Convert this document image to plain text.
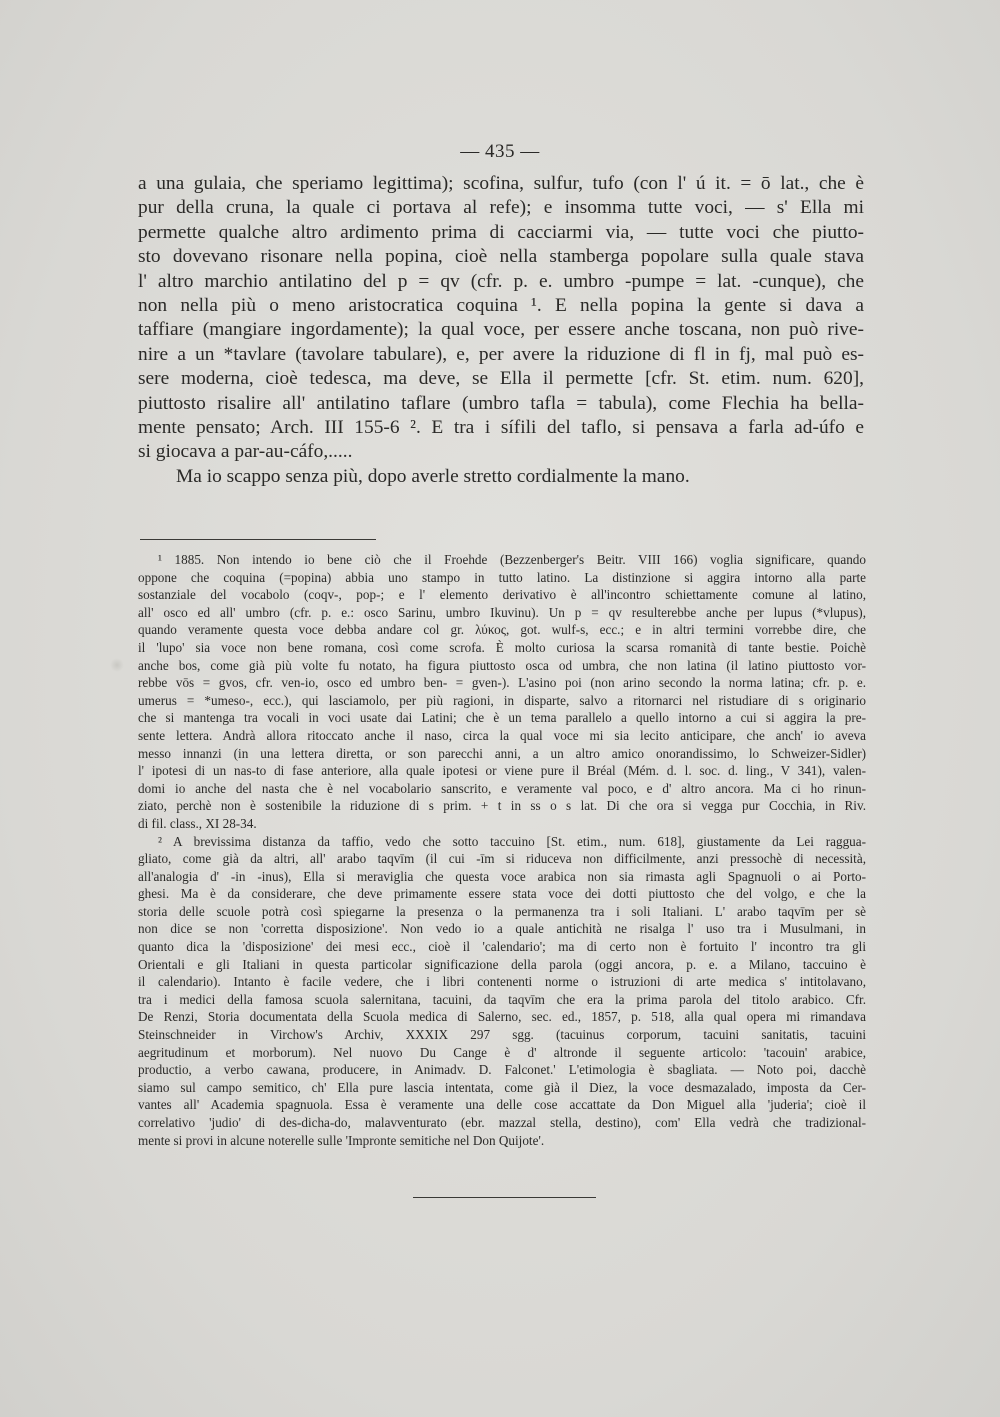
— 435 —
a una gulaia, che speriamo legittima); scofina, sulfur, tufo (con l' ú it. = ō lat., che è
pur della cruna, la quale ci portava al refe); e insomma tutte voci, — s' Ella mi
permette qualche altro ardimento prima di cacciarmi via, — tutte voci che piutto-
sto dovevano risonare nella popina, cioè nella stamberga popolare sulla quale stava
l' altro marchio antilatino del p = qv (cfr. p. e. umbro -pumpe = lat. -cunque), che
non nella più o meno aristocratica coquina ¹. E nella popina la gente si dava a
taffiare (mangiare ingordamente); la qual voce, per essere anche toscana, non può rive-
nire a un *tavlare (tavolare tabulare), e, per avere la riduzione di fl in fj, mal può es-
sere moderna, cioè tedesca, ma deve, se Ella il permette [cfr. St. etim. num. 620],
piuttosto risalire all' antilatino taflare (umbro tafla = tabula), come Flechia ha bella-
mente pensato; Arch. III 155-6 ². E tra i sífili del taflo, si pensava a farla ad-úfo e
si giocava a par-au-cáfo,.....
Ma io scappo senza più, dopo averle stretto cordialmente la mano.
¹ 1885. Non intendo io bene ciò che il Froehde (Bezzenberger's Beitr. VIII 166) voglia significare, quando
oppone che coquina (=popina) abbia uno stampo in tutto latino. La distinzione si aggira intorno alla parte
sostanziale del vocabolo (coqv-, pop-; e l' elemento derivativo è all'incontro schiettamente comune al latino,
all' osco ed all' umbro (cfr. p. e.: osco Sarinu, umbro Ikuvinu). Un p = qv resulterebbe anche per lupus (*vlupus),
quando veramente questa voce debba andare col gr. λύκος, got. wulf-s, ecc.; e in altri termini vorrebbe dire, che
il 'lupo' sia voce non bene romana, così come scrofa. È molto curiosa la scarsa romanità di tante bestie. Poichè
anche bos, come già più volte fu notato, ha figura piuttosto osca od umbra, che non latina (il latino piuttosto vor-
rebbe vōs = gvos, cfr. ven-io, osco ed umbro ben- = gven-). L'asino poi (non arino secondo la norma latina; cfr. p. e.
umerus = *umeso-, ecc.), qui lasciamolo, per più ragioni, in disparte, salvo a ritornarci nel ristudiare di s originario
che si mantenga tra vocali in voci usate dai Latini; che è un tema parallelo a quello intorno a cui si aggira la pre-
sente lettera. Andrà allora ritoccato anche il naso, circa la qual voce mi sia lecito anticipare, che anch' io aveva
messo innanzi (in una lettera diretta, or son parecchi anni, a un altro amico onorandissimo, lo Schweizer-Sidler)
l' ipotesi di un nas-to di fase anteriore, alla quale ipotesi or viene pure il Bréal (Mém. d. l. soc. d. ling., V 341), valen-
domi io anche del nasta che è nel vocabolario sanscrito, e veramente val poco, e d' altro ancora. Ma ci ho rinun-
ziato, perchè non è sostenibile la riduzione di s prim. + t in ss o s lat. Di che ora si vegga pur Cocchia, in Riv.
di fil. class., XI 28-34.
² A brevissima distanza da taffio, vedo che sotto taccuino [St. etim., num. 618], giustamente da Lei raggua-
gliato, come già da altri, all' arabo taqvīm (il cui -īm si riduceva non difficilmente, anzi pressochè di necessità,
all'analogia d' -in -inus), Ella si meraviglia che questa voce arabica non sia rimasta agli Spagnuoli o ai Porto-
ghesi. Ma è da considerare, che deve primamente essere stata voce dei dotti piuttosto che del volgo, e che la
storia delle scuole potrà così spiegarne la presenza o la permanenza tra i soli Italiani. L' arabo taqvīm per sè
non dice se non 'corretta disposizione'. Non vedo io a quale antichità ne risalga l' uso tra i Musulmani, in
quanto dica la 'disposizione' dei mesi ecc., cioè il 'calendario'; ma di certo non è fortuito l' incontro tra gli
Orientali e gli Italiani in questa particolar significazione della parola (oggi ancora, p. e. a Milano, taccuino è
il calendario). Intanto è facile vedere, che i libri contenenti norme o istruzioni di arte medica s' intitolavano,
tra i medici della famosa scuola salernitana, tacuini, da taqvīm che era la prima parola del titolo arabico. Cfr.
De Renzi, Storia documentata della Scuola medica di Salerno, sec. ed., 1857, p. 518, alla qual opera mi rimandava
Steinschneider in Virchow's Archiv, XXXIX 297 sgg. (tacuinus corporum, tacuini sanitatis, tacuini
aegritudinum et morborum). Nel nuovo Du Cange è d' altronde il seguente articolo: 'tacouin' arabice,
productio, a verbo cawana, producere, in Animadv. D. Falconet.' L'etimologia è sbagliata. — Noto poi, dacchè
siamo sul campo semitico, ch' Ella pure lascia intentata, come già il Diez, la voce desmazalado, imposta da Cer-
vantes all' Academia spagnuola. Essa è veramente una delle cose accattate da Don Miguel alla 'juderia'; cioè il
correlativo 'judio' di des-dicha-do, malavventurato (ebr. mazzal stella, destino), com' Ella vedrà che tradizional-
mente si provi in alcune noterelle sulle 'Impronte semitiche nel Don Quijote'.
